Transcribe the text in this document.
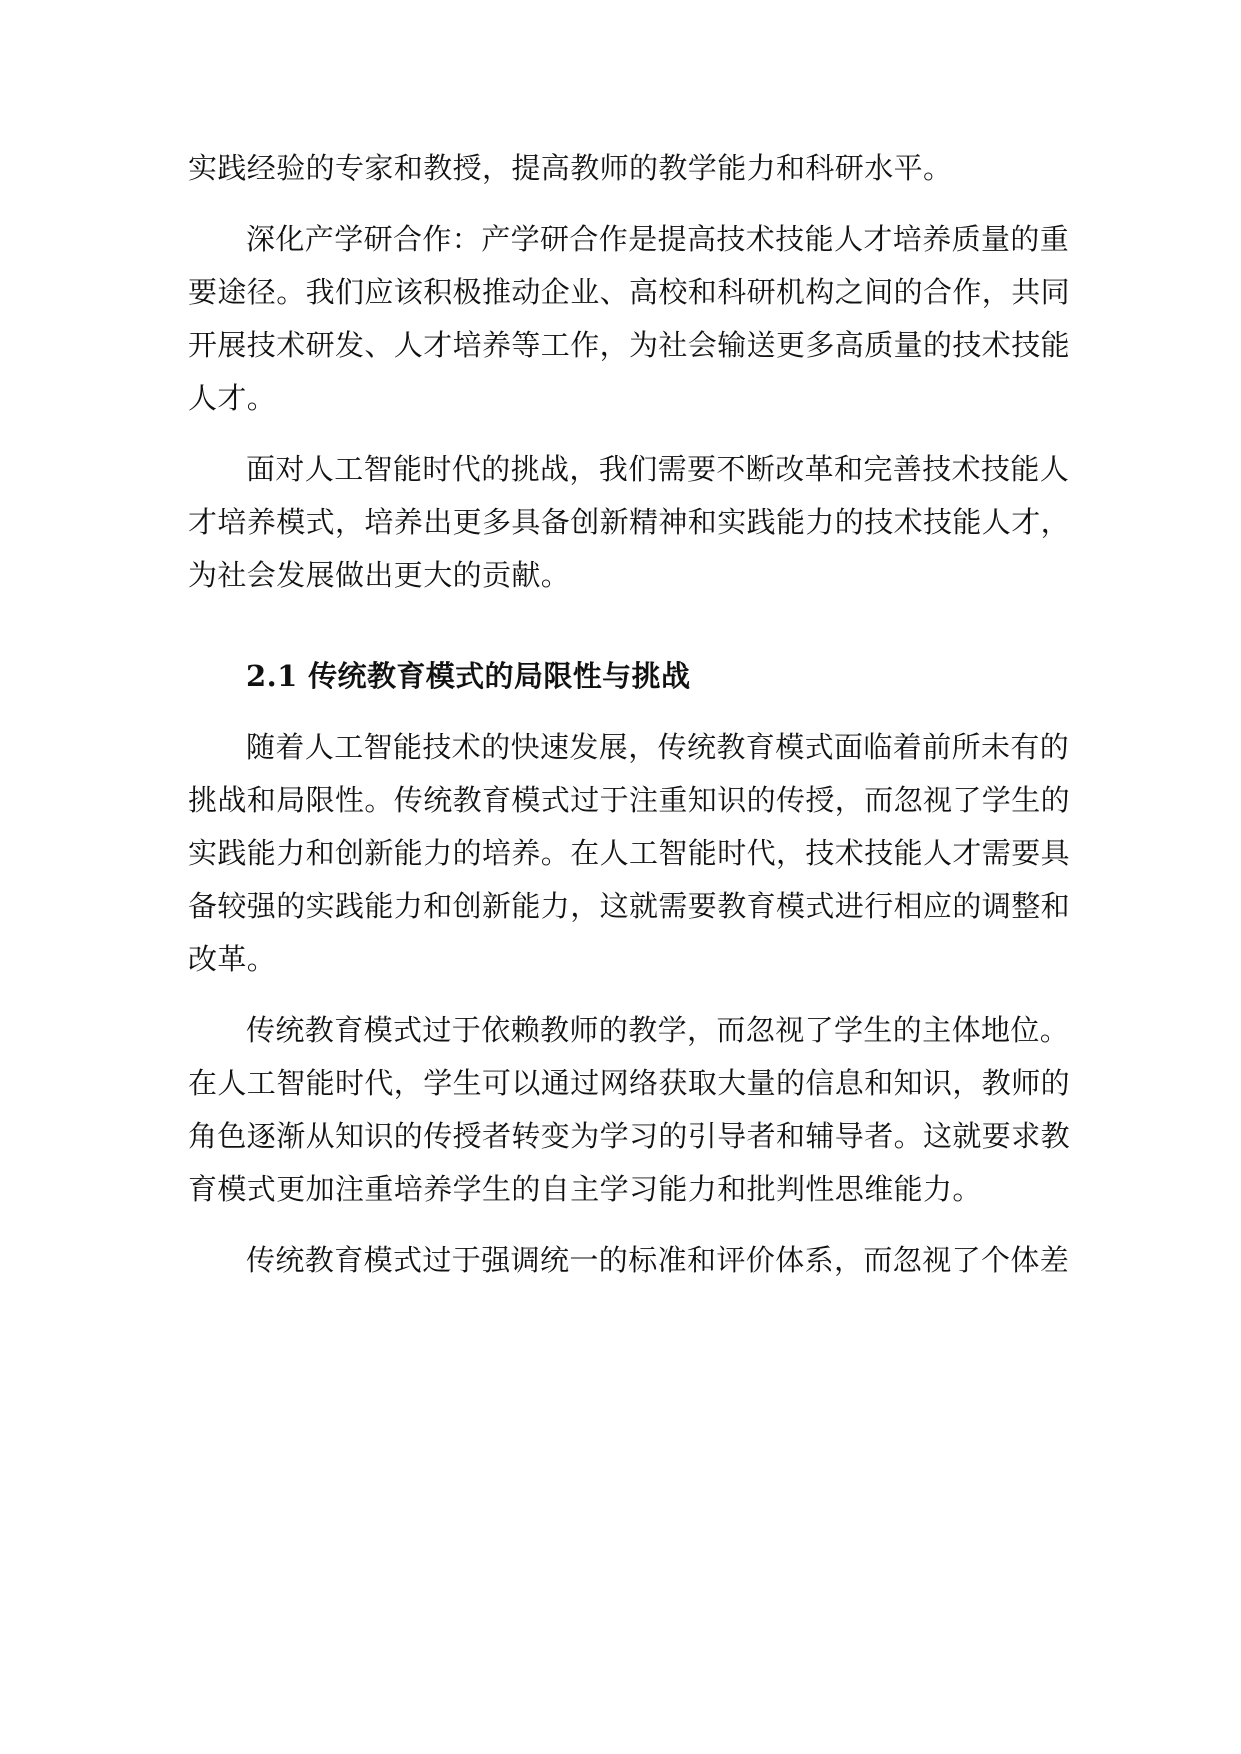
实践经验的专家和教授，提高教师的教学能力和科研水平。
深化产学研合作：产学研合作是提高技术技能人才培养质量的重
要途径。我们应该积极推动企业、高校和科研机构之间的合作，共同
开展技术研发、人才培养等工作，为社会输送更多高质量的技术技能
人才。
面对人工智能时代的挑战，我们需要不断改革和完善技术技能人
才培养模式，培养出更多具备创新精神和实践能力的技术技能人才，
为社会发展做出更大的贡献。
2.1 传统教育模式的局限性与挑战
随着人工智能技术的快速发展，传统教育模式面临着前所未有的
挑战和局限性。传统教育模式过于注重知识的传授，而忽视了学生的
实践能力和创新能力的培养。在人工智能时代，技术技能人才需要具
备较强的实践能力和创新能力，这就需要教育模式进行相应的调整和
改革。
传统教育模式过于依赖教师的教学，而忽视了学生的主体地位。
在人工智能时代，学生可以通过网络获取大量的信息和知识，教师的
角色逐渐从知识的传授者转变为学习的引导者和辅导者。这就要求教
育模式更加注重培养学生的自主学习能力和批判性思维能力。
传统教育模式过于强调统一的标准和评价体系，而忽视了个体差
